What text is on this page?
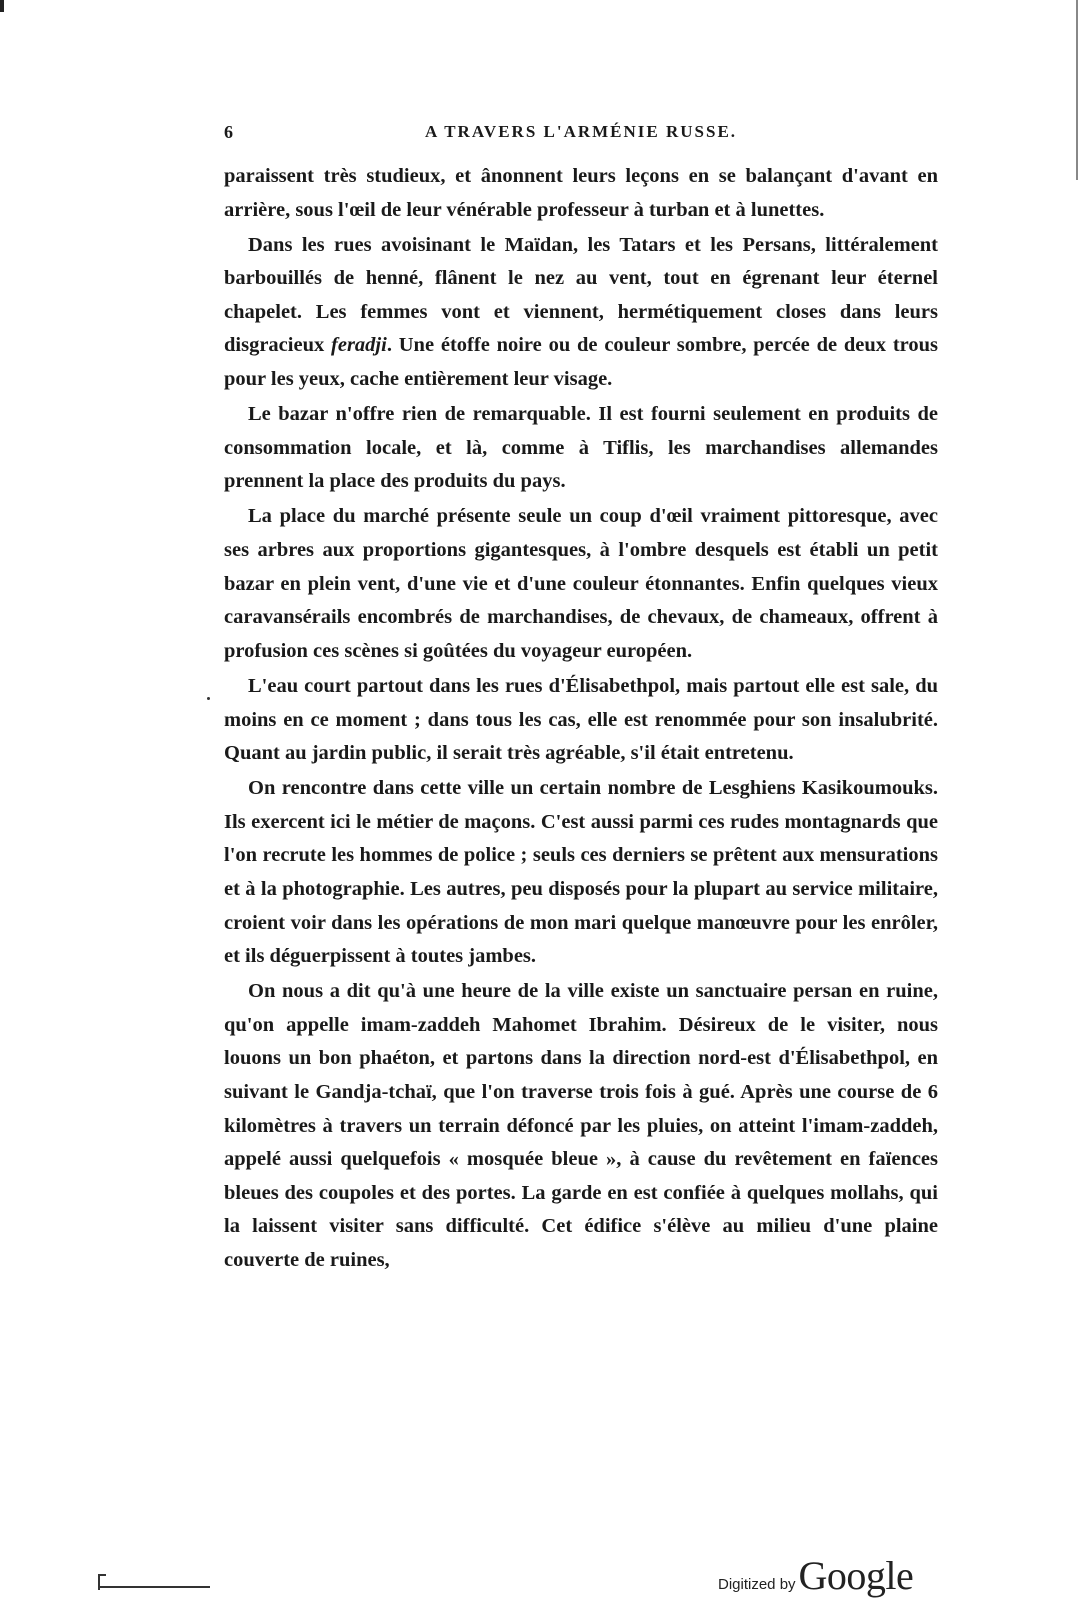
6	A TRAVERS L'ARMÉNIE RUSSE.

paraissent très studieux, et ânonnent leurs leçons en se balançant d'avant en arrière, sous l'œil de leur vénérable professeur à turban et à lunettes.

Dans les rues avoisinant le Maïdan, les Tatars et les Persans, littéralement barbouillés de henné, flânent le nez au vent, tout en égrenant leur éternel chapelet. Les femmes vont et viennent, hermétiquement closes dans leurs disgracieux feradji. Une étoffe noire ou de couleur sombre, percée de deux trous pour les yeux, cache entièrement leur visage.

Le bazar n'offre rien de remarquable. Il est fourni seulement en produits de consommation locale, et là, comme à Tiflis, les marchandises allemandes prennent la place des produits du pays.

La place du marché présente seule un coup d'œil vraiment pittoresque, avec ses arbres aux proportions gigantesques, à l'ombre desquels est établi un petit bazar en plein vent, d'une vie et d'une couleur étonnantes. Enfin quelques vieux caravansérails encombrés de marchandises, de chevaux, de chameaux, offrent à profusion ces scènes si goûtées du voyageur européen.

L'eau court partout dans les rues d'Élisabethpol, mais partout elle est sale, du moins en ce moment ; dans tous les cas, elle est renommée pour son insalubrité. Quant au jardin public, il serait très agréable, s'il était entretenu.

On rencontre dans cette ville un certain nombre de Lesghiens Kasikoumouks. Ils exercent ici le métier de maçons. C'est aussi parmi ces rudes montagnards que l'on recrute les hommes de police ; seuls ces derniers se prêtent aux mensurations et à la photographie. Les autres, peu disposés pour la plupart au service militaire, croient voir dans les opérations de mon mari quelque manœuvre pour les enrôler, et ils déguerpissent à toutes jambes.

On nous a dit qu'à une heure de la ville existe un sanctuaire persan en ruine, qu'on appelle imam-zaddeh Mahomet Ibrahim. Désireux de le visiter, nous louons un bon phaéton, et partons dans la direction nord-est d'Élisabethpol, en suivant le Gandja-tchaï, que l'on traverse trois fois à gué. Après une course de 6 kilomètres à travers un terrain défoncé par les pluies, on atteint l'imam-zaddeh, appelé aussi quelquefois « mosquée bleue », à cause du revêtement en faïences bleues des coupoles et des portes. La garde en est confiée à quelques mollahs, qui la laissent visiter sans difficulté. Cet édifice s'élève au milieu d'une plaine couverte de ruines,

Digitized by Google
